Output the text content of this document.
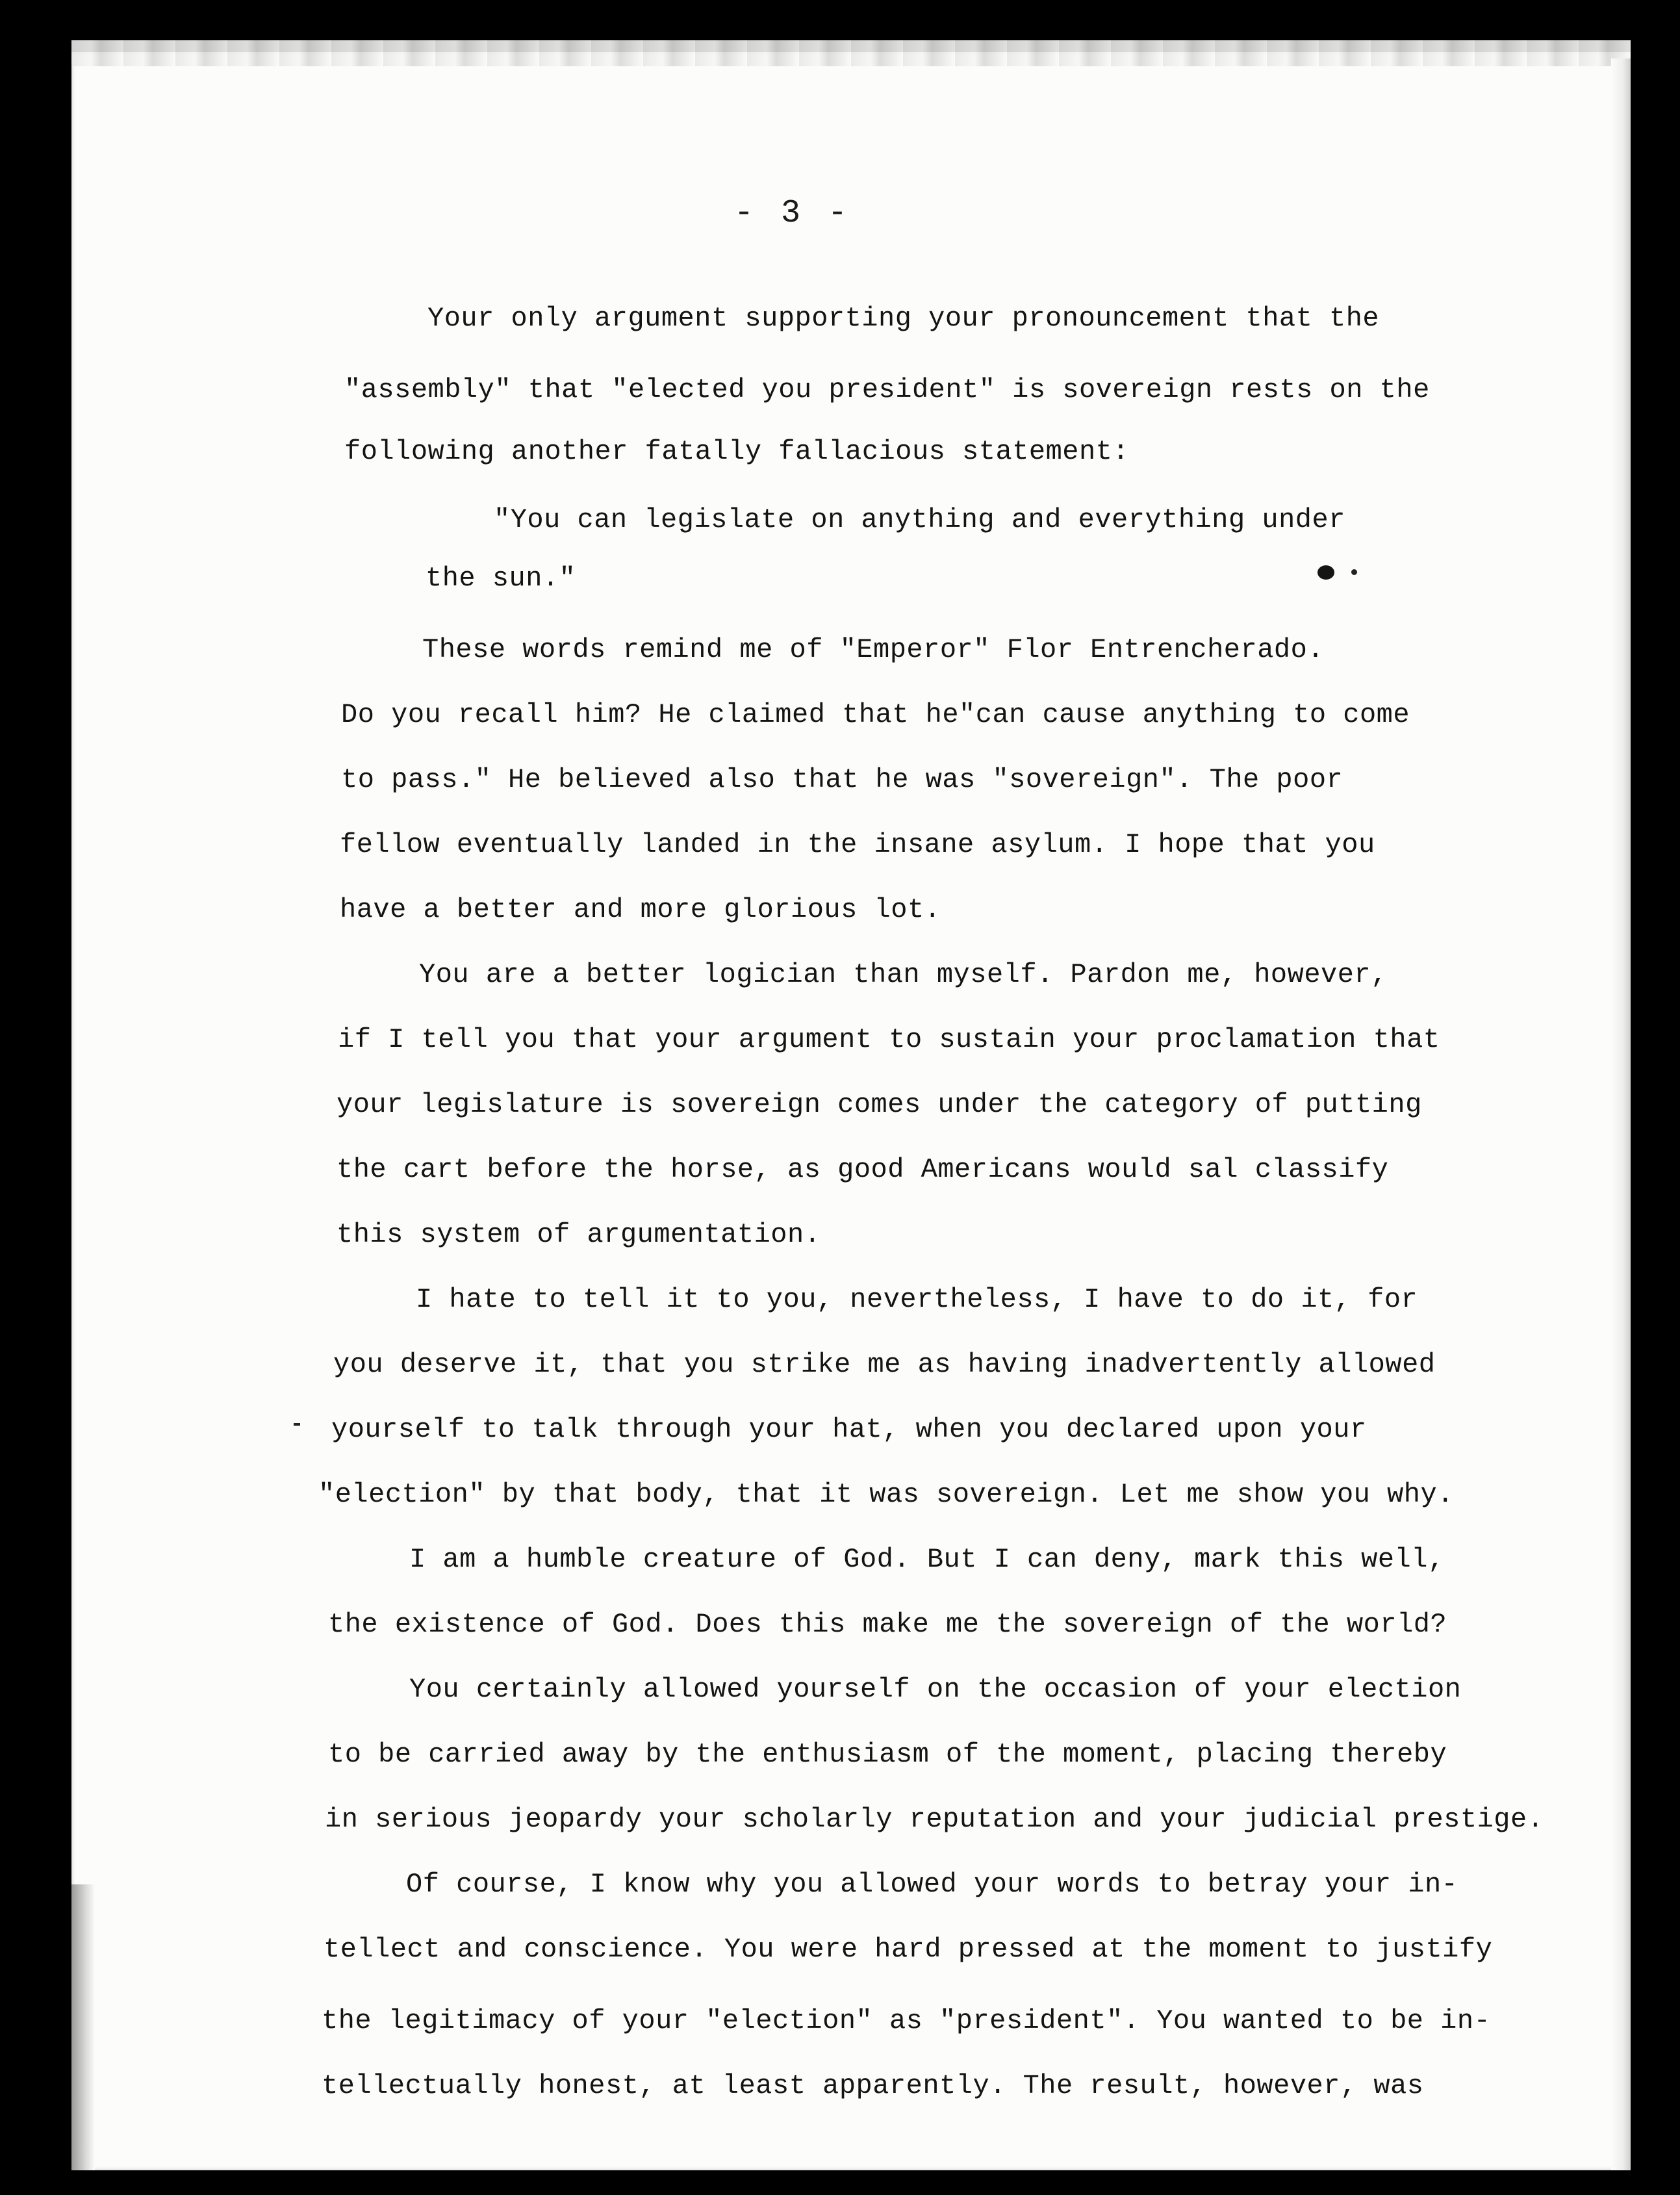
- 3 -
Your only argument supporting your pronouncement that the
"assembly" that "elected you president" is sovereign rests on the
following another fatally fallacious statement:
"You can legislate on anything and everything under
the sun."
These words remind me of "Emperor" Flor Entrencherado.
Do you recall him? He claimed that he"can cause anything to come
to pass." He believed also that he was "sovereign". The poor
fellow eventually landed in the insane asylum. I hope that you
have a better and more glorious lot.
You are a better logician than myself. Pardon me, however,
if I tell you that your argument to sustain your proclamation that
your legislature is sovereign comes under the category of putting
the cart before the horse, as good Americans would sal classify
this system of argumentation.
I hate to tell it to you, nevertheless, I have to do it, for
you deserve it, that you strike me as having inadvertently allowed
yourself to talk through your hat, when you declared upon your
"election" by that body, that it was sovereign. Let me show you why.
I am a humble creature of God. But I can deny, mark this well,
the existence of God. Does this make me the sovereign of the world?
You certainly allowed yourself on the occasion of your election
to be carried away by the enthusiasm of the moment, placing thereby
in serious jeopardy your scholarly reputation and your judicial prestige.
Of course, I know why you allowed your words to betray your in-
tellect and conscience. You were hard pressed at the moment to justify
the legitimacy of your "election" as "president". You wanted to be in-
tellectually honest, at least apparently. The result, however, was
